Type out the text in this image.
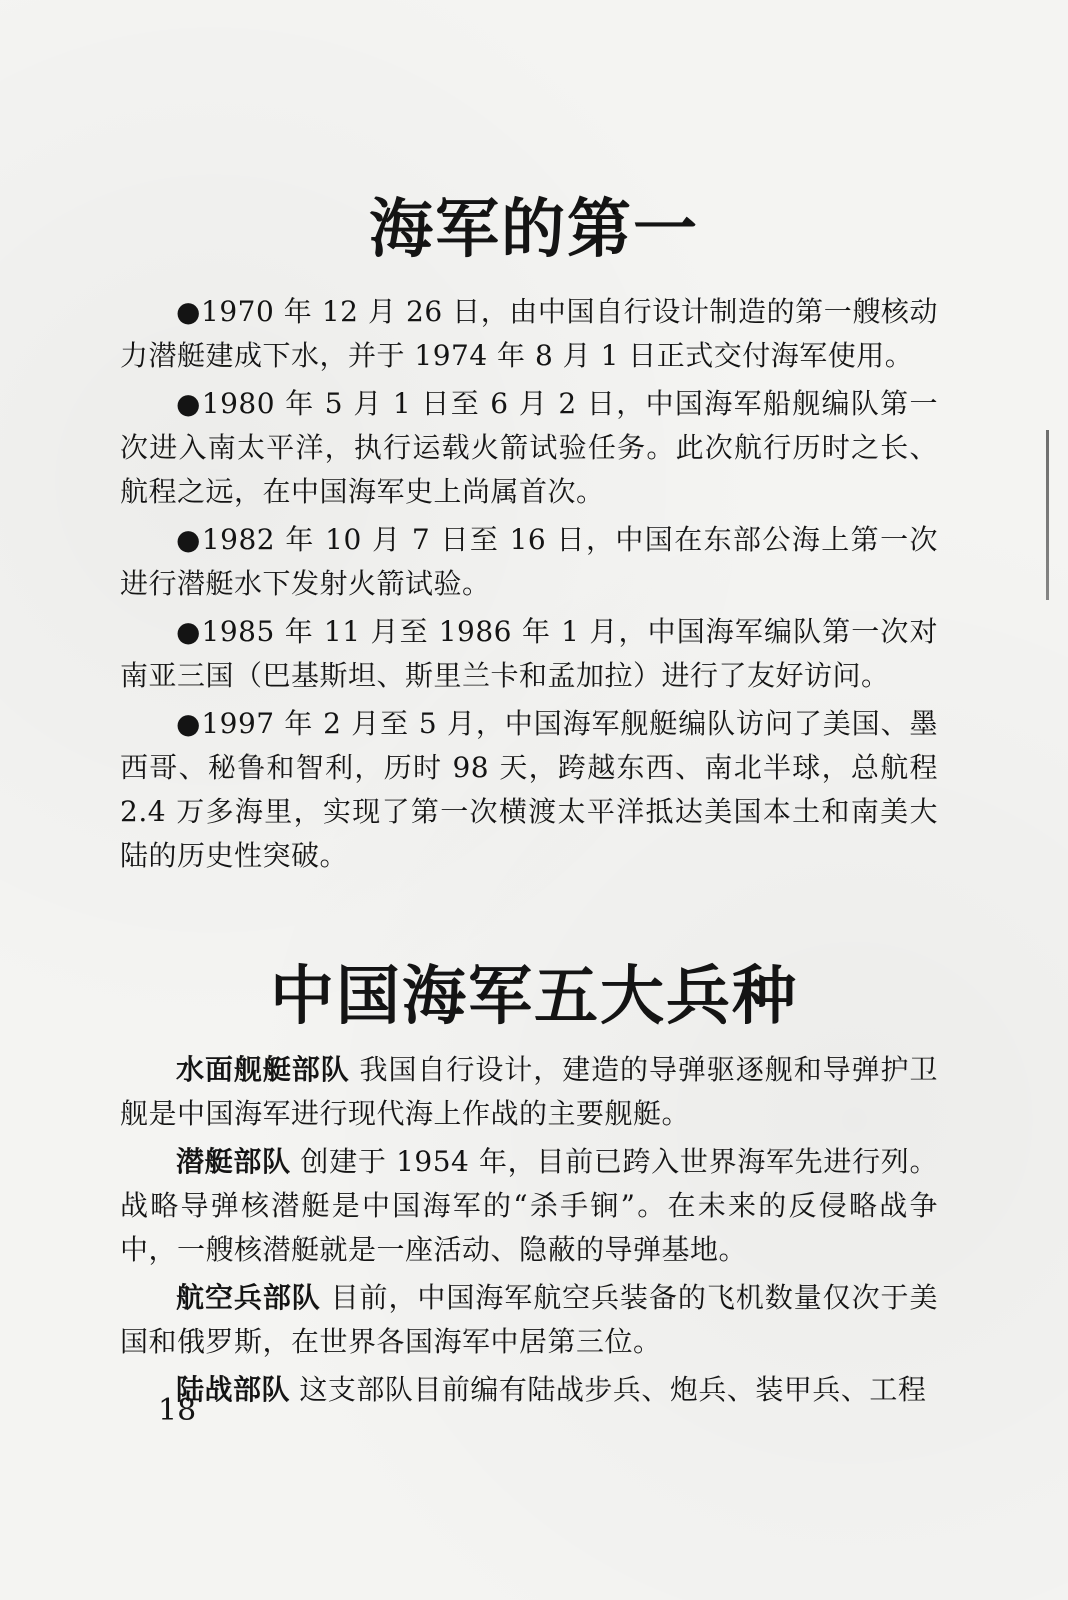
海军的第一

●1970 年 12 月 26 日，由中国自行设计制造的第一艘核动力潜艇建成下水，并于 1974 年 8 月 1 日正式交付海军使用。

●1980 年 5 月 1 日至 6 月 2 日，中国海军船舰编队第一次进入南太平洋，执行运载火箭试验任务。此次航行历时之长、航程之远，在中国海军史上尚属首次。

●1982 年 10 月 7 日至 16 日，中国在东部公海上第一次进行潜艇水下发射火箭试验。

●1985 年 11 月至 1986 年 1 月，中国海军编队第一次对南亚三国（巴基斯坦、斯里兰卡和孟加拉）进行了友好访问。

●1997 年 2 月至 5 月，中国海军舰艇编队访问了美国、墨西哥、秘鲁和智利，历时 98 天，跨越东西、南北半球，总航程 2.4 万多海里，实现了第一次横渡太平洋抵达美国本土和南美大陆的历史性突破。

中国海军五大兵种

水面舰艇部队 我国自行设计，建造的导弹驱逐舰和导弹护卫舰是中国海军进行现代海上作战的主要舰艇。

潜艇部队 创建于 1954 年，目前已跨入世界海军先进行列。战略导弹核潜艇是中国海军的“杀手锏”。在未来的反侵略战争中，一艘核潜艇就是一座活动、隐蔽的导弹基地。

航空兵部队 目前，中国海军航空兵装备的飞机数量仅次于美国和俄罗斯，在世界各国海军中居第三位。

陆战部队 这支部队目前编有陆战步兵、炮兵、装甲兵、工程

18
